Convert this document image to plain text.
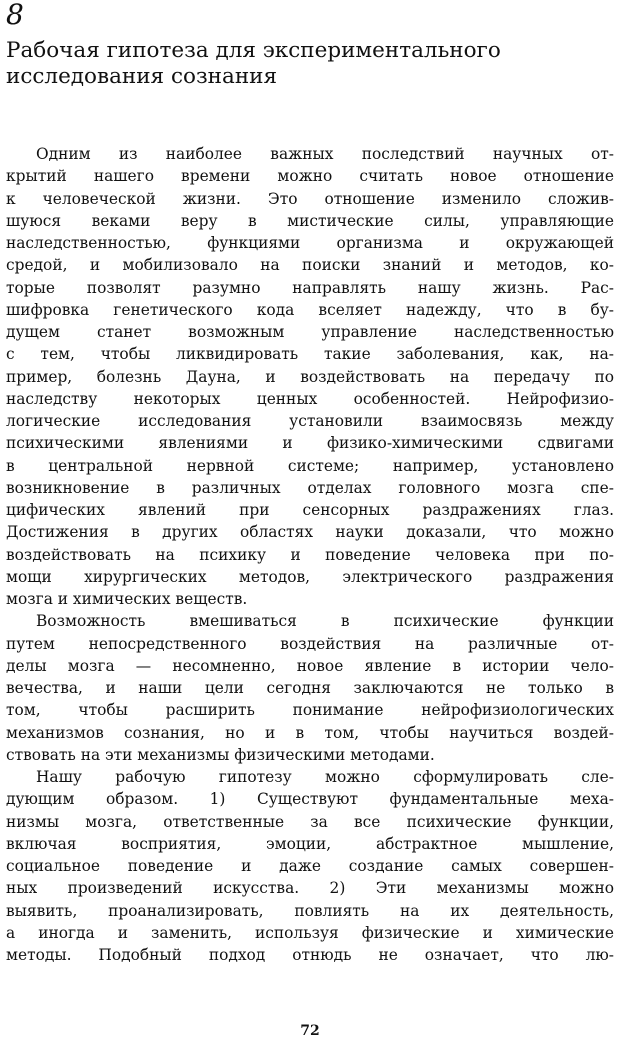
8
Рабочая гипотеза для экспериментального
исследования сознания
Одним из наиболее важных последствий научных от-
крытий нашего времени можно считать новое отношение
к человеческой жизни. Это отношение изменило сложив-
шуюся веками веру в мистические силы, управляющие
наследственностью, функциями организма и окружающей
средой, и мобилизовало на поиски знаний и методов, ко-
торые позволят разумно направлять нашу жизнь. Рас-
шифровка генетического кода вселяет надежду, что в бу-
дущем станет возможным управление наследственностью
с тем, чтобы ликвидировать такие заболевания, как, на-
пример, болезнь Дауна, и воздействовать на передачу по
наследству некоторых ценных особенностей. Нейрофизио-
логические исследования установили взаимосвязь между
психическими явлениями и физико-химическими сдвигами
в центральной нервной системе; например, установлено
возникновение в различных отделах головного мозга спе-
цифических явлений при сенсорных раздражениях глаз.
Достижения в других областях науки доказали, что можно
воздействовать на психику и поведение человека при по-
мощи хирургических методов, электрического раздражения
мозга и химических веществ.
Возможность вмешиваться в психические функции
путем непосредственного воздействия на различные от-
делы мозга — несомненно, новое явление в истории чело-
вечества, и наши цели сегодня заключаются не только в
том, чтобы расширить понимание нейрофизиологических
механизмов сознания, но и в том, чтобы научиться воздей-
ствовать на эти механизмы физическими методами.
Нашу рабочую гипотезу можно сформулировать сле-
дующим образом. 1) Существуют фундаментальные меха-
низмы мозга, ответственные за все психические функции,
включая восприятия, эмоции, абстрактное мышление,
социальное поведение и даже создание самых совершен-
ных произведений искусства. 2) Эти механизмы можно
выявить, проанализировать, повлиять на их деятельность,
а иногда и заменить, используя физические и химические
методы. Подобный подход отнюдь не означает, что лю-
72
